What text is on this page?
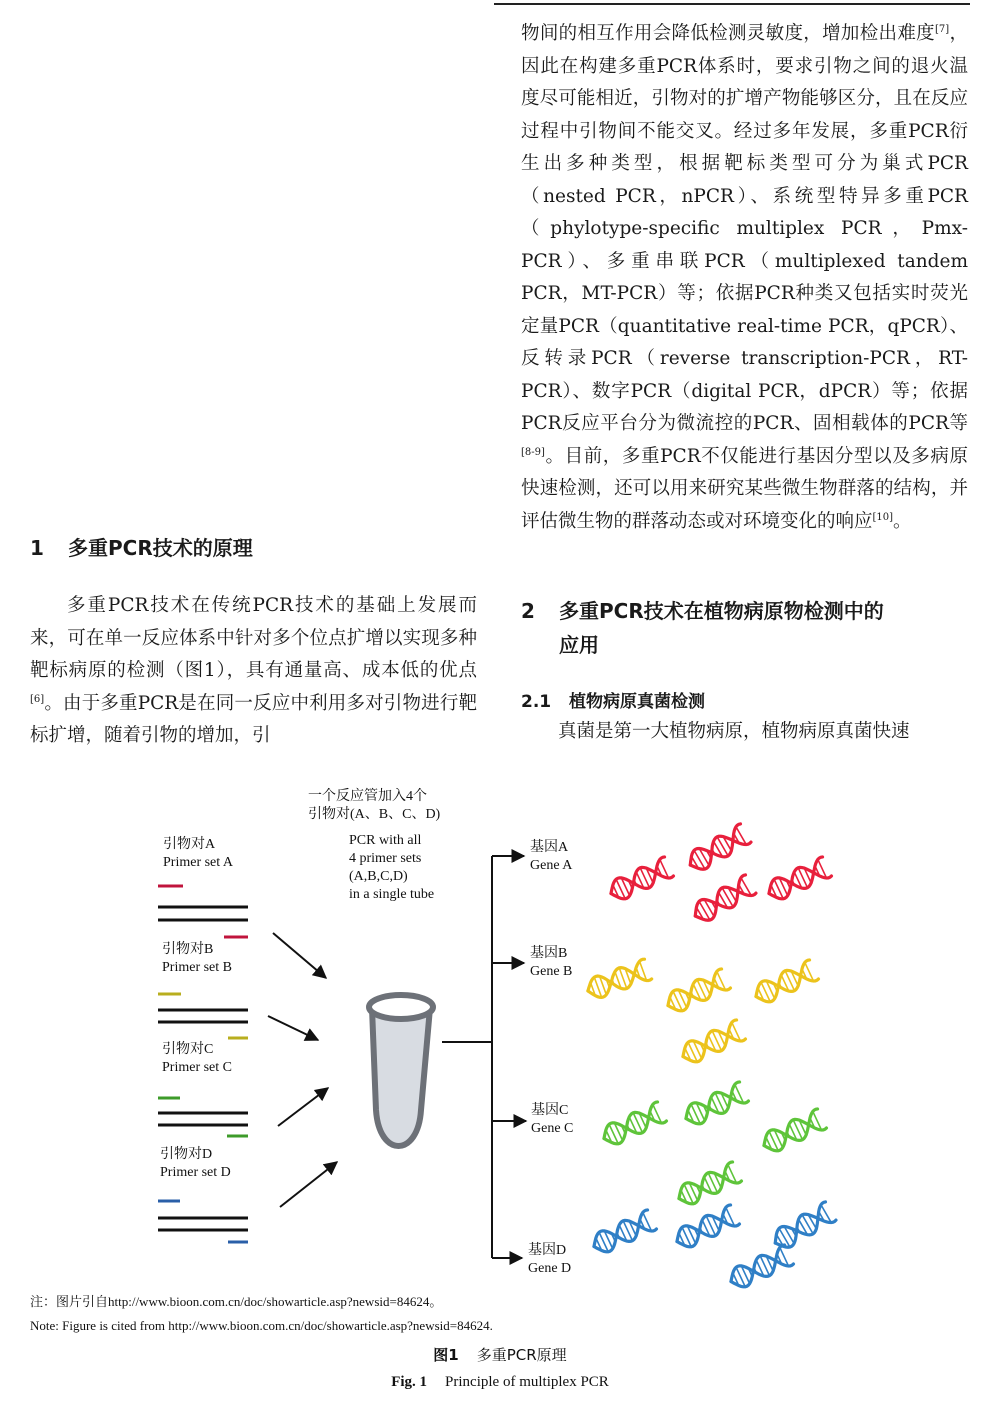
物间的相互作用会降低检测灵敏度，增加检出难度[7]，因此在构建多重PCR体系时，要求引物之间的退火温度尽可能相近，引物对的扩增产物能够区分，且在反应过程中引物间不能交叉。经过多年发展，多重PCR衍生出多种类型，根据靶标类型可分为巢式PCR（nested PCR，nPCR）、系统型特异多重PCR（phylotype-specific multiplex PCR，Pmx-PCR）、多重串联PCR（multiplexed tandem PCR，MT-PCR）等；依据PCR种类又包括实时荧光定量PCR（quantitative real-time PCR，qPCR）、反转录PCR（reverse transcription-PCR，RT-PCR）、数字PCR（digital PCR，dPCR）等；依据PCR反应平台分为微流控的PCR、固相载体的PCR等[8-9]。目前，多重PCR不仅能进行基因分型以及多病原快速检测，还可以用来研究某些微生物群落的结构，并评估微生物的群落动态或对环境变化的响应[10]。

1 多重PCR技术的原理

多重PCR技术在传统PCR技术的基础上发展而来，可在单一反应体系中针对多个位点扩增以实现多种靶标病原的检测（图1），具有通量高、成本低的优点[6]。由于多重PCR是在同一反应中利用多对引物进行靶标扩增，随着引物的增加，引

2 多重PCR技术在植物病原物检测中的
应用
2.1 植物病原真菌检测

真菌是第一大植物病原，植物病原真菌快速

一个反应管加入4个
引物对(A、B、C、D)
PCR with all
4 primer sets
(A,B,C,D)
in a single tube
引物对A
Primer set A
引物对B
Primer set B
引物对C
Primer set C
引物对D
Primer set D
基因A
Gene A
基因B
Gene B
基因C
Gene C
基因D
Gene D
注：图片引自http://www.bioon.com.cn/doc/showarticle.asp?newsid=84624。
Note: Figure is cited from http://www.bioon.com.cn/doc/showarticle.asp?newsid=84624.
图1 多重PCR原理
Fig. 1 Principle of multiplex PCR
